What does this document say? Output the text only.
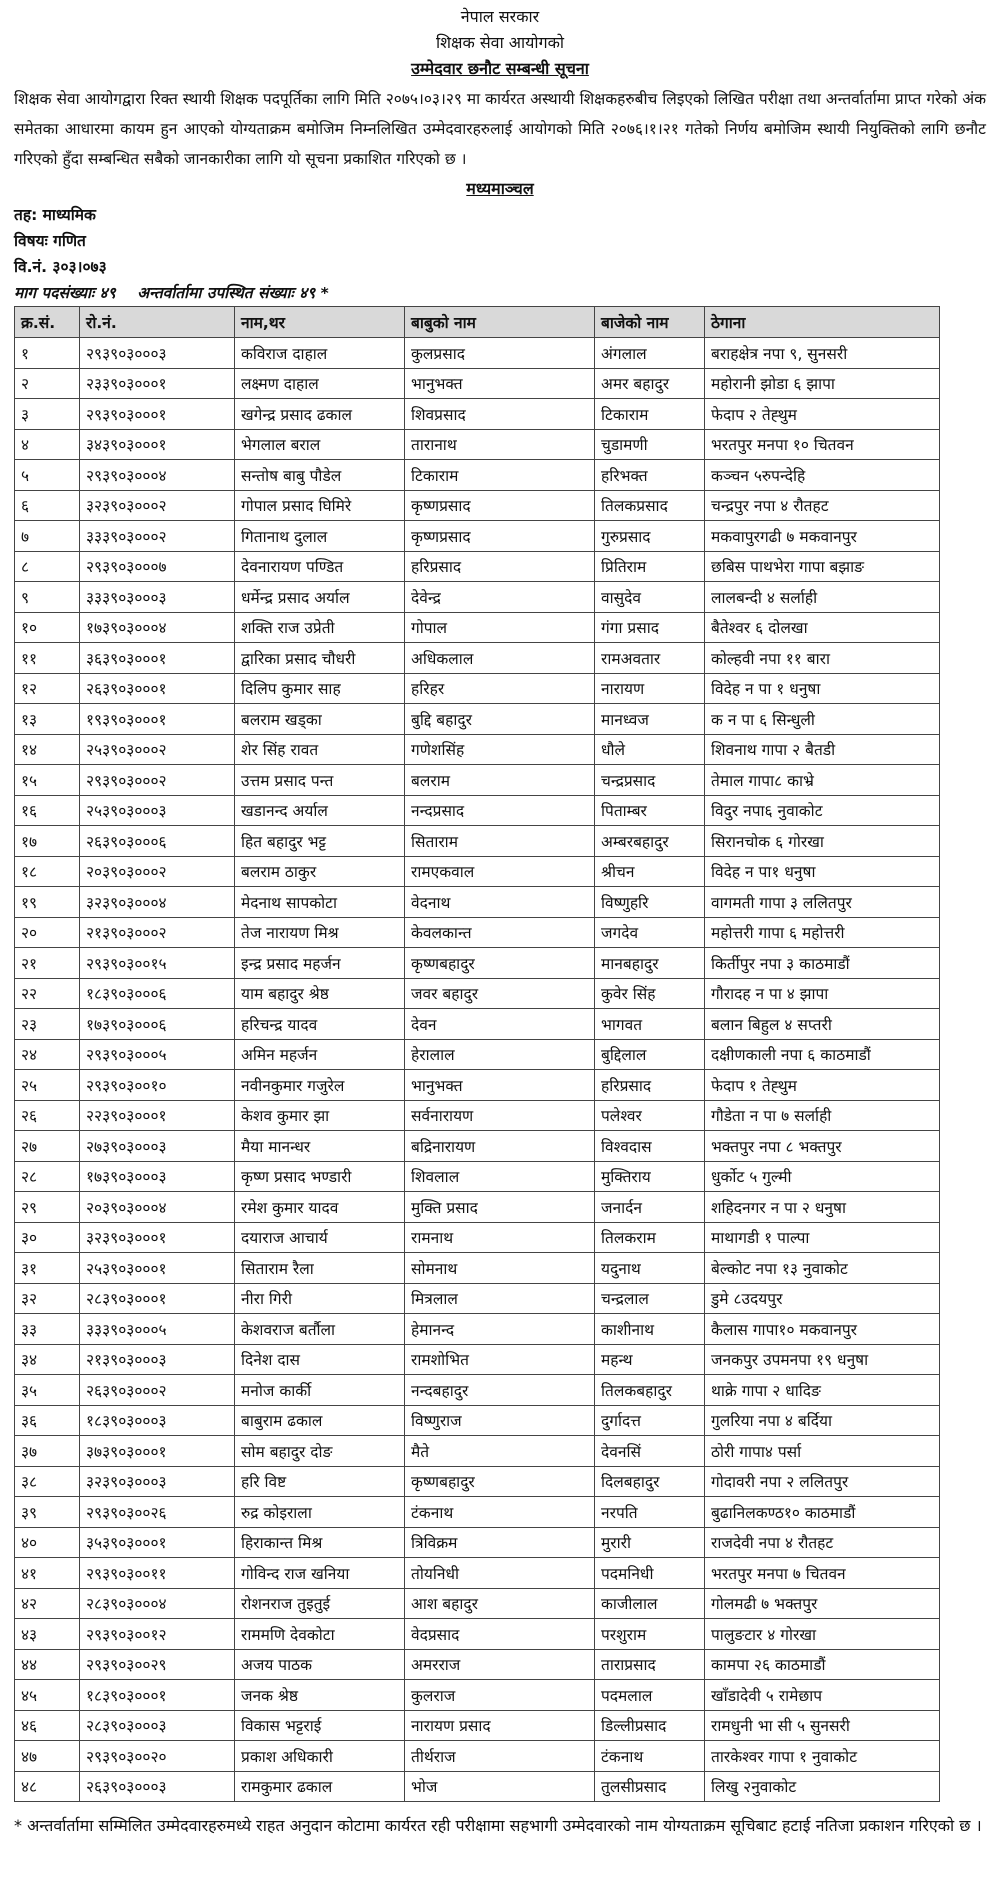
नेपाल सरकार
शिक्षक सेवा आयोगको
उम्मेदवार छनौट सम्बन्धी सूचना
शिक्षक सेवा आयोगद्वारा रिक्त स्थायी शिक्षक पदपूर्तिका लागि मिति २०७५।०३।२९ मा कार्यरत अस्थायी शिक्षकहरुबीच लिइएको लिखित परीक्षा तथा अन्तर्वार्तामा प्राप्त गरेको अंक समेतका आधारमा कायम हुन आएको योग्यताक्रम बमोजिम निम्नलिखित उम्मेदवारहरुलाई आयोगको मिति २०७६।१।२१ गतेको निर्णय बमोजिम स्थायी नियुक्तिको लागि छनौट गरिएको हुँदा सम्बन्धित सबैको जानकारीका लागि यो सूचना प्रकाशित गरिएको छ ।
मध्यमाञ्चल
तह: माध्यमिक
विषयः गणित
वि.नं. ३०३।०७३
माग पदसंख्याः ४९    अन्तर्वार्तामा उपस्थित संख्याः ४९ *
क्र.सं.	रो.नं.	नाम,थर	बाबुको नाम	बाजेको नाम	ठेगाना
१	२९३९०३०००३	कविराज दाहाल	कुलप्रसाद	अंगलाल	बराहक्षेत्र नपा ९, सुनसरी
२	२३३९०३०००१	लक्ष्मण दाहाल	भानुभक्त	अमर बहादुर	महोरानी झोडा ६ झापा
३	२९३९०३०००१	खगेन्द्र प्रसाद ढकाल	शिवप्रसाद	टिकाराम	फेदाप २ तेह्थुम
४	३४३९०३०००१	भेगलाल बराल	तारानाथ	चुडामणी	भरतपुर मनपा १० चितवन
५	२९३९०३०००४	सन्तोष बाबु पौडेल	टिकाराम	हरिभक्त	कञ्चन ५रुपन्देहि
६	३२३९०३०००२	गोपाल प्रसाद घिमिरे	कृष्णप्रसाद	तिलकप्रसाद	चन्द्रपुर नपा ४ रौतहट
७	३३३९०३०००२	गितानाथ दुलाल	कृष्णप्रसाद	गुरुप्रसाद	मकवापुरगढी ७ मकवानपुर
८	२९३९०३०००७	देवनारायण पण्डित	हरिप्रसाद	प्रितिराम	छबिस पाथभेरा गापा बझाङ
९	३३३९०३०००३	धर्मेन्द्र प्रसाद अर्याल	देवेन्द्र	वासुदेव	लालबन्दी ४ सर्लाही
१०	१७३९०३०००४	शक्ति राज उप्रेती	गोपाल	गंगा प्रसाद	बैतेश्वर ६ दोलखा
११	३६३९०३०००१	द्वारिका प्रसाद चौधरी	अधिकलाल	रामअवतार	कोल्हवी नपा ११ बारा
१२	२६३९०३०००१	दिलिप कुमार साह	हरिहर	नारायण	विदेह न पा १ धनुषा
१३	१९३९०३०००१	बलराम खड्का	बुद्दि बहादुर	मानध्वज	क न पा ६ सिन्धुली
१४	२५३९०३०००२	शेर सिंह रावत	गणेशसिंह	धौले	शिवनाथ गापा २ बैतडी
१५	२९३९०३०००२	उत्तम प्रसाद पन्त	बलराम	चन्द्रप्रसाद	तेमाल गापा८ काभ्रे
१६	२५३९०३०००३	खडानन्द अर्याल	नन्दप्रसाद	पिताम्बर	विदुर नपा६ नुवाकोट
१७	२६३९०३०००६	हित बहादुर भट्ट	सिताराम	अम्बरबहादुर	सिरानचोक ६ गोरखा
१८	२०३९०३०००२	बलराम ठाकुर	रामएकवाल	श्रीचन	विदेह न पा१ धनुषा
१९	३२३९०३०००४	मेदनाथ सापकोटा	वेदनाथ	विष्णुहरि	वागमती गापा ३ ललितपुर
२०	२१३९०३०००२	तेज नारायण मिश्र	केवलकान्त	जगदेव	महोत्तरी गापा ६ महोत्तरी
२१	२९३९०३००१५	इन्द्र प्रसाद महर्जन	कृष्णबहादुर	मानबहादुर	किर्तीपुर नपा ३ काठमाडौं
२२	१८३९०३०००६	याम बहादुर श्रेष्ठ	जवर बहादुर	कुवेर सिंह	गौरादह न पा ४ झापा
२३	१७३९०३०००६	हरिचन्द्र यादव	देवन	भागवत	बलान बिहुल ४ सप्तरी
२४	२९३९०३०००५	अमिन महर्जन	हेरालाल	बुद्दिलाल	दक्षीणकाली नपा ६ काठमाडौं
२५	२९३९०३००१०	नवीनकुमार गजुरेल	भानुभक्त	हरिप्रसाद	फेदाप १ तेह्थुम
२६	२२३९०३०००१	केशव कुमार झा	सर्वनारायण	पलेश्वर	गौडेता न पा ७ सर्लाही
२७	२७३९०३०००३	मैया मानन्धर	बद्रिनारायण	विश्वदास	भक्तपुर नपा ८ भक्तपुर
२८	१७३९०३०००३	कृष्ण प्रसाद भण्डारी	शिवलाल	मुक्तिराय	धुर्कोट ५ गुल्मी
२९	२०३९०३०००४	रमेश कुमार यादव	मुक्ति प्रसाद	जनार्दन	शहिदनगर न पा २ धनुषा
३०	३२३९०३०००१	दयाराज आचार्य	रामनाथ	तिलकराम	माथागडी १ पाल्पा
३१	२५३९०३०००१	सिताराम रैला	सोमनाथ	यदुनाथ	बेल्कोट नपा १३ नुवाकोट
३२	२८३९०३०००१	नीरा गिरी	मित्रलाल	चन्द्रलाल	डुमे ८उदयपुर
३३	३३३९०३०००५	केशवराज बर्तौला	हेमानन्द	काशीनाथ	कैलास गापा१० मकवानपुर
३४	२१३९०३०००३	दिनेश दास	रामशोभित	महन्थ	जनकपुर उपमनपा १९ धनुषा
३५	२६३९०३०००२	मनोज कार्की	नन्दबहादुर	तिलकबहादुर	थाक्रे गापा २ धादिङ
३६	१८३९०३०००३	बाबुराम ढकाल	विष्णुराज	दुर्गादत्त	गुलरिया नपा ४ बर्दिया
३७	३७३९०३०००१	सोम बहादुर दोङ	मैते	देवनसिं	ठोरी गापा४ पर्सा
३८	३२३९०३०००३	हरि विष्ट	कृष्णबहादुर	दिलबहादुर	गोदावरी नपा २ ललितपुर
३९	२९३९०३००२६	रुद्र कोइराला	टंकनाथ	नरपति	बुढानिलकण्ठ१० काठमाडौं
४०	३५३९०३०००१	हिराकान्त मिश्र	त्रिविक्रम	मुरारी	राजदेवी नपा ४ रौतहट
४१	२९३९०३००११	गोविन्द राज खनिया	तोयनिधी	पदमनिधी	भरतपुर मनपा ७ चितवन
४२	२८३९०३०००४	रोशनराज तुइतुई	आश बहादुर	काजीलाल	गोलमढी ७ भक्तपुर
४३	२९३९०३००१२	राममणि देवकोटा	वेदप्रसाद	परशुराम	पालुङटार ४ गोरखा
४४	२९३९०३००२९	अजय पाठक	अमरराज	ताराप्रसाद	कामपा २६ काठमाडौं
४५	१८३९०३०००१	जनक श्रेष्ठ	कुलराज	पदमलाल	खाँडादेवी ५ रामेछाप
४६	२८३९०३०००३	विकास भट्टराई	नारायण प्रसाद	डिल्लीप्रसाद	रामधुनी भा सी ५ सुनसरी
४७	२९३९०३००२०	प्रकाश अधिकारी	तीर्थराज	टंकनाथ	तारकेश्वर गापा १ नुवाकोट
४८	२६३९०३०००३	रामकुमार ढकाल	भोज	तुलसीप्रसाद	लिखु २नुवाकोट
* अन्तर्वार्तामा सम्मिलित उम्मेदवारहरुमध्ये राहत अनुदान कोटामा कार्यरत रही परीक्षामा सहभागी उम्मेदवारको नाम योग्यताक्रम सूचिबाट हटाई नतिजा प्रकाशन गरिएको छ ।
